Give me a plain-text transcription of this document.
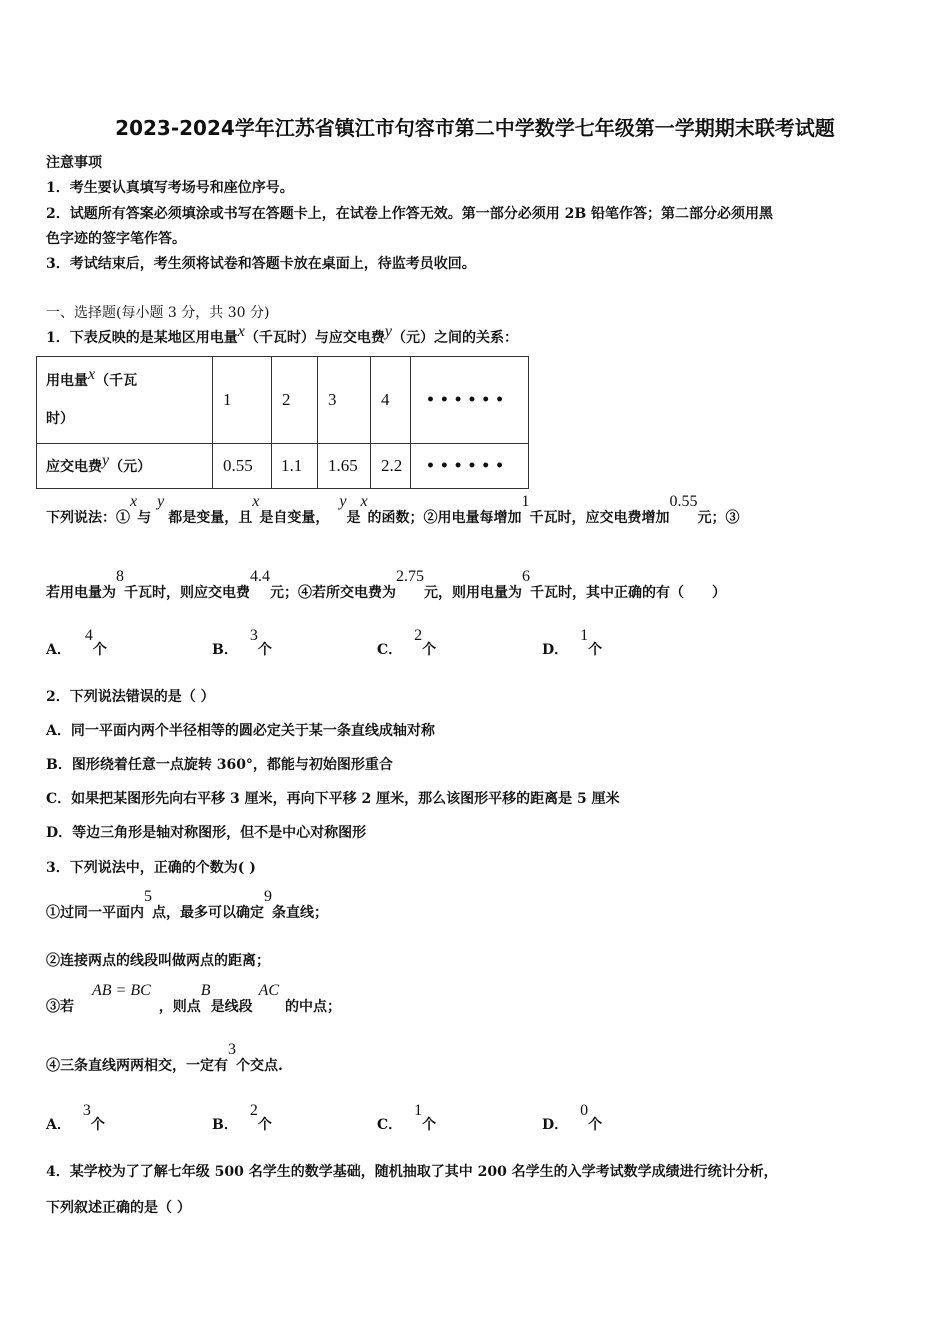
2023-2024学年江苏省镇江市句容市第二中学数学七年级第一学期期末联考试题
注意事项
1．考生要认真填写考场号和座位序号。
2．试题所有答案必须填涂或书写在答题卡上，在试卷上作答无效。第一部分必须用 2B 铅笔作答；第二部分必须用黑
色字迹的签字笔作答。
3．考试结束后，考生须将试卷和答题卡放在桌面上，待监考员收回。
一、选择题(每小题 3 分，共 30 分)
1．下表反映的是某地区用电量x（千瓦时）与应交电费y（元）之间的关系：
用电量x（千瓦
时）	1	2	3	4	• • • • • •
应交电费y（元）	0.55	1.1	1.65	2.2	• • • • • •
下列说法：①x与y都是变量，且x是自变量，y是x的函数；②用电量每增加1千瓦时，应交电费增加0.55元；③
若用电量为8千瓦时，则应交电费4.4元；④若所交电费为2.75元，则用电量为6千瓦时，其中正确的有（　　）
A．4个	B．3个	C．2个	D．1个
2．下列说法错误的是（ ）
A．同一平面内两个半径相等的圆必定关于某一条直线成轴对称
B．图形绕着任意一点旋转 360°，都能与初始图形重合
C．如果把某图形先向右平移 3 厘米，再向下平移 2 厘米，那么该图形平移的距离是 5 厘米
D．等边三角形是轴对称图形，但不是中心对称图形
3．下列说法中，正确的个数为( )
①过同一平面内5点，最多可以确定9条直线；
②连接两点的线段叫做两点的距离；
③若AB = BC，则点B是线段AC的中点；
④三条直线两两相交，一定有3个交点.
A．3个	B．2个	C．1个	D．0个
4．某学校为了了解七年级 500 名学生的数学基础，随机抽取了其中 200 名学生的入学考试数学成绩进行统计分析，
下列叙述正确的是（ ）
